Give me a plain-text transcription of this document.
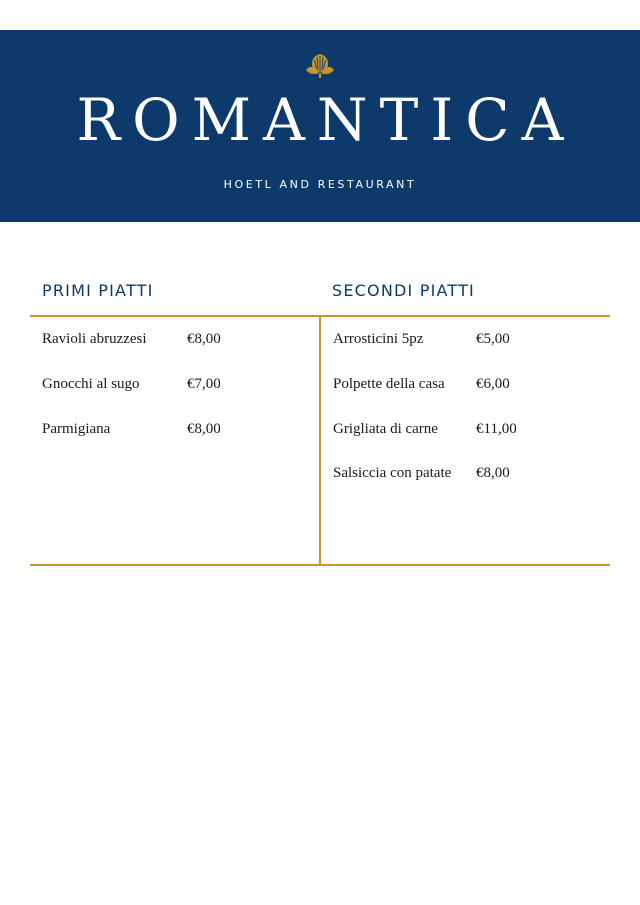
ROMANTICA
HOETL AND RESTAURANT
PRIMI PIATTI	SECONDI PIATTI
Ravioli abruzzesi	€8,00
Gnocchi al sugo	€7,00
Parmigiana	€8,00
Arrosticini 5pz	€5,00
Polpette della casa	€6,00
Grigliata di carne	€11,00
Salsiccia con patate €8,00
